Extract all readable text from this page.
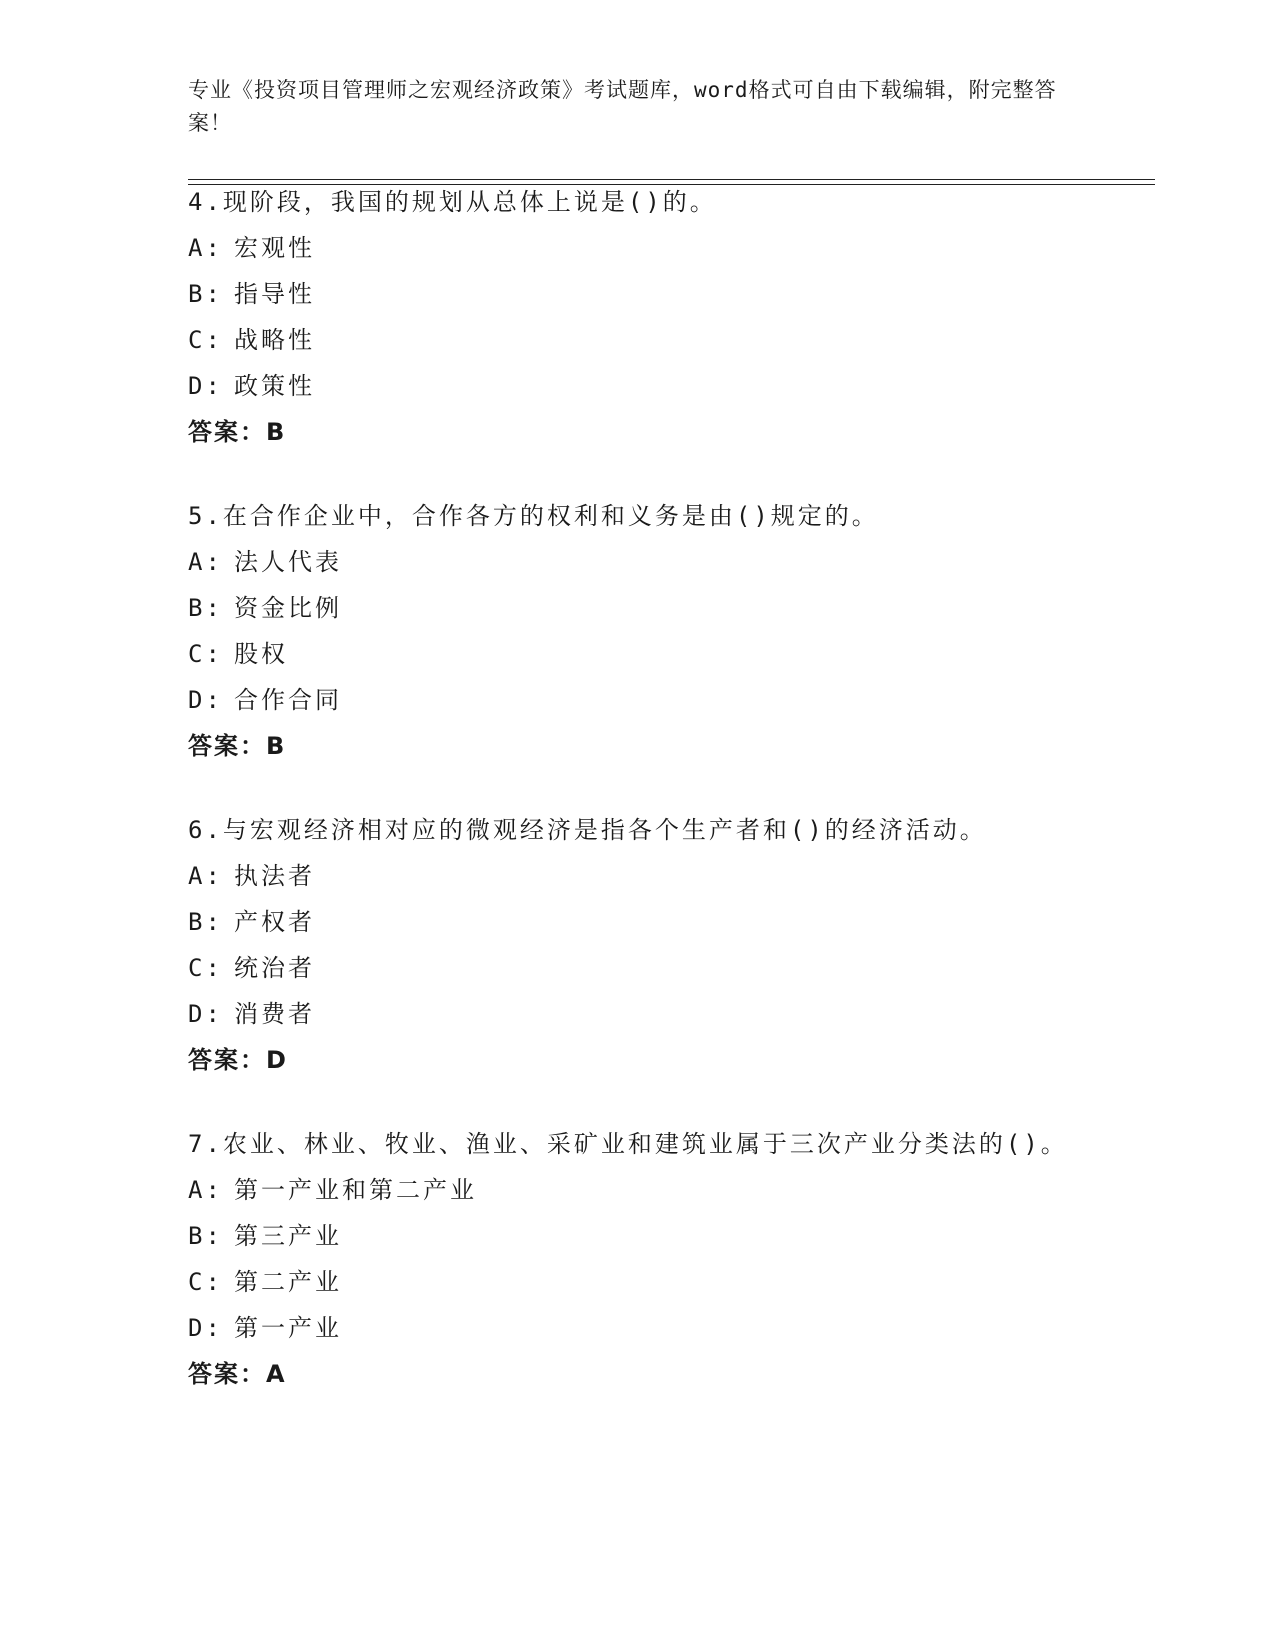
专业《投资项目管理师之宏观经济政策》考试题库，word格式可自由下载编辑，附完整答案！
4.现阶段，我国的规划从总体上说是()的。
A: 宏观性
B: 指导性
C: 战略性
D: 政策性
答案：B
5.在合作企业中，合作各方的权利和义务是由()规定的。
A: 法人代表
B: 资金比例
C: 股权
D: 合作合同
答案：B
6.与宏观经济相对应的微观经济是指各个生产者和()的经济活动。
A: 执法者
B: 产权者
C: 统治者
D: 消费者
答案：D
7.农业、林业、牧业、渔业、采矿业和建筑业属于三次产业分类法的()。
A: 第一产业和第二产业
B: 第三产业
C: 第二产业
D: 第一产业
答案：A
